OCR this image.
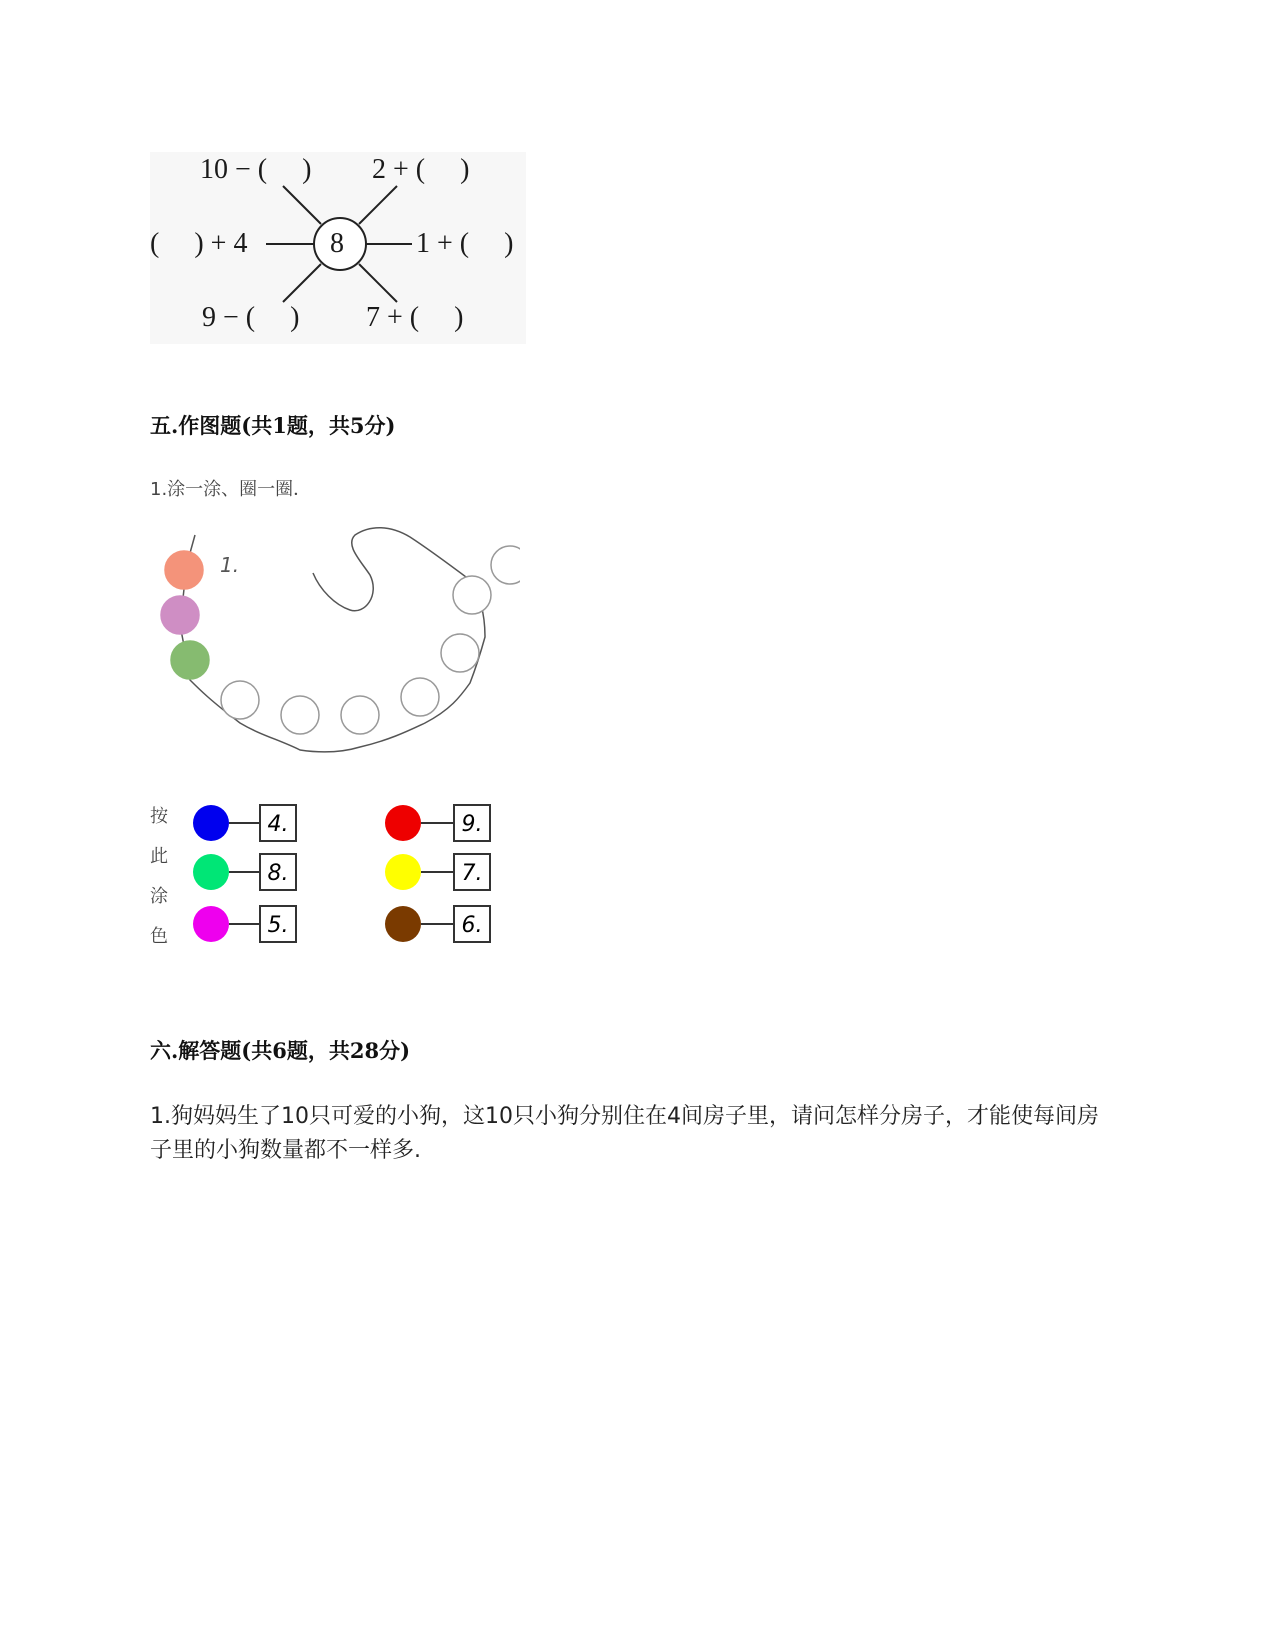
8
10 − (     ) 2 + (     )
(     ) + 4	1 + (     )
9 − (     ) 7 + (     )
五.作图题(共1题，共5分)
1.涂一涂、圈一圈．
1.
按
此
涂
色
4.
8.
5.
9.
7.
6.
六.解答题(共6题，共28分)
1.狗妈妈生了10只可爱的小狗，这10只小狗分别住在4间房子里，请问怎样分房子，才能使每间房子里的小狗数量都不一样多.
